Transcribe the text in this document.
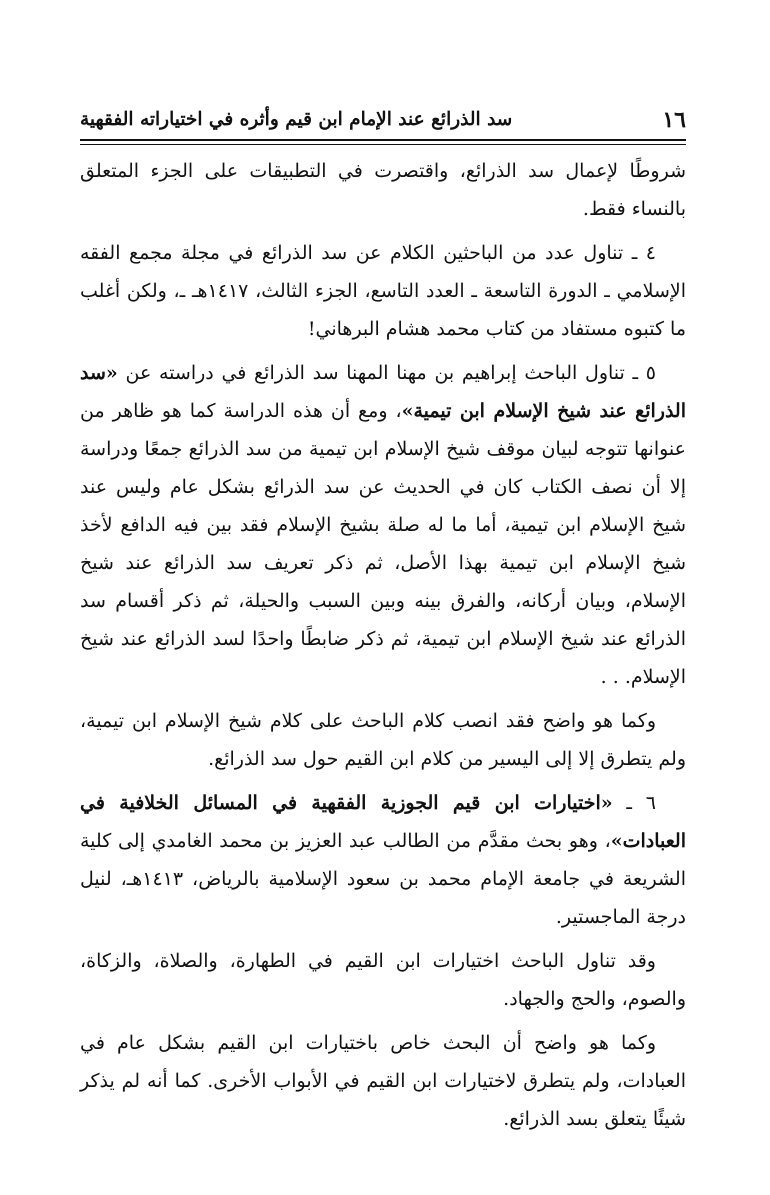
١٦
سد الذرائع عند الإمام ابن قيم وأثره في اختياراته الفقهية

شروطًا لإعمال سد الذرائع، واقتصرت في التطبيقات على الجزء المتعلق بالنساء فقط.

٤ ـ تناول عدد من الباحثين الكلام عن سد الذرائع في مجلة مجمع الفقه الإسلامي ـ الدورة التاسعة ـ العدد التاسع، الجزء الثالث، ١٤١٧هـ ـ، ولكن أغلب ما كتبوه مستفاد من كتاب محمد هشام البرهاني!

٥ ـ تناول الباحث إبراهيم بن مهنا المهنا سد الذرائع في دراسته عن «سد الذرائع عند شيخ الإسلام ابن تيمية»، ومع أن هذه الدراسة كما هو ظاهر من عنوانها تتوجه لبيان موقف شيخ الإسلام ابن تيمية من سد الذرائع جمعًا ودراسة إلا أن نصف الكتاب كان في الحديث عن سد الذرائع بشكل عام وليس عند شيخ الإسلام ابن تيمية، أما ما له صلة بشيخ الإسلام فقد بين فيه الدافع لأخذ شيخ الإسلام ابن تيمية بهذا الأصل، ثم ذكر تعريف سد الذرائع عند شيخ الإسلام، وبيان أركانه، والفرق بينه وبين السبب والحيلة، ثم ذكر أقسام سد الذرائع عند شيخ الإسلام ابن تيمية، ثم ذكر ضابطًا واحدًا لسد الذرائع عند شيخ الإسلام. . .

وكما هو واضح فقد انصب كلام الباحث على كلام شيخ الإسلام ابن تيمية، ولم يتطرق إلا إلى اليسير من كلام ابن القيم حول سد الذرائع.

٦ ـ «اختيارات ابن قيم الجوزية الفقهية في المسائل الخلافية في العبادات»، وهو بحث مقدَّم من الطالب عبد العزيز بن محمد الغامدي إلى كلية الشريعة في جامعة الإمام محمد بن سعود الإسلامية بالرياض، ١٤١٣هـ، لنيل درجة الماجستير.

وقد تناول الباحث اختيارات ابن القيم في الطهارة، والصلاة، والزكاة، والصوم، والحج والجهاد.

وكما هو واضح أن البحث خاص باختيارات ابن القيم بشكل عام في العبادات، ولم يتطرق لاختيارات ابن القيم في الأبواب الأخرى. كما أنه لم يذكر شيئًا يتعلق بسد الذرائع.
